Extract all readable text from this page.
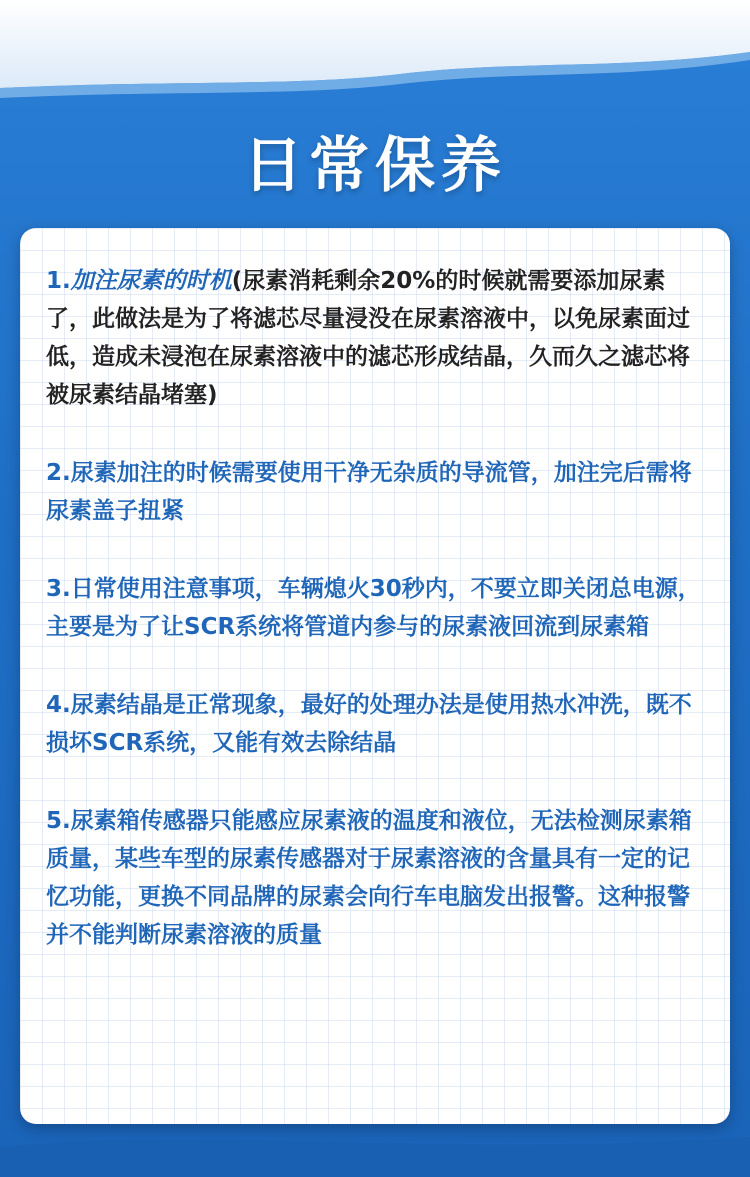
日常保养

1.加注尿素的时机(尿素消耗剩余20%的时候就需要添加尿素了，此做法是为了将滤芯尽量浸没在尿素溶液中，以免尿素面过低，造成未浸泡在尿素溶液中的滤芯形成结晶，久而久之滤芯将被尿素结晶堵塞)

2.尿素加注的时候需要使用干净无杂质的导流管，加注完后需将尿素盖子扭紧

3.日常使用注意事项，车辆熄火30秒内，不要立即关闭总电源，主要是为了让SCR系统将管道内参与的尿素液回流到尿素箱

4.尿素结晶是正常现象，最好的处理办法是使用热水冲洗，既不损坏SCR系统，又能有效去除结晶

5.尿素箱传感器只能感应尿素液的温度和液位，无法检测尿素箱质量，某些车型的尿素传感器对于尿素溶液的含量具有一定的记忆功能，更换不同品牌的尿素会向行车电脑发出报警。这种报警并不能判断尿素溶液的质量
